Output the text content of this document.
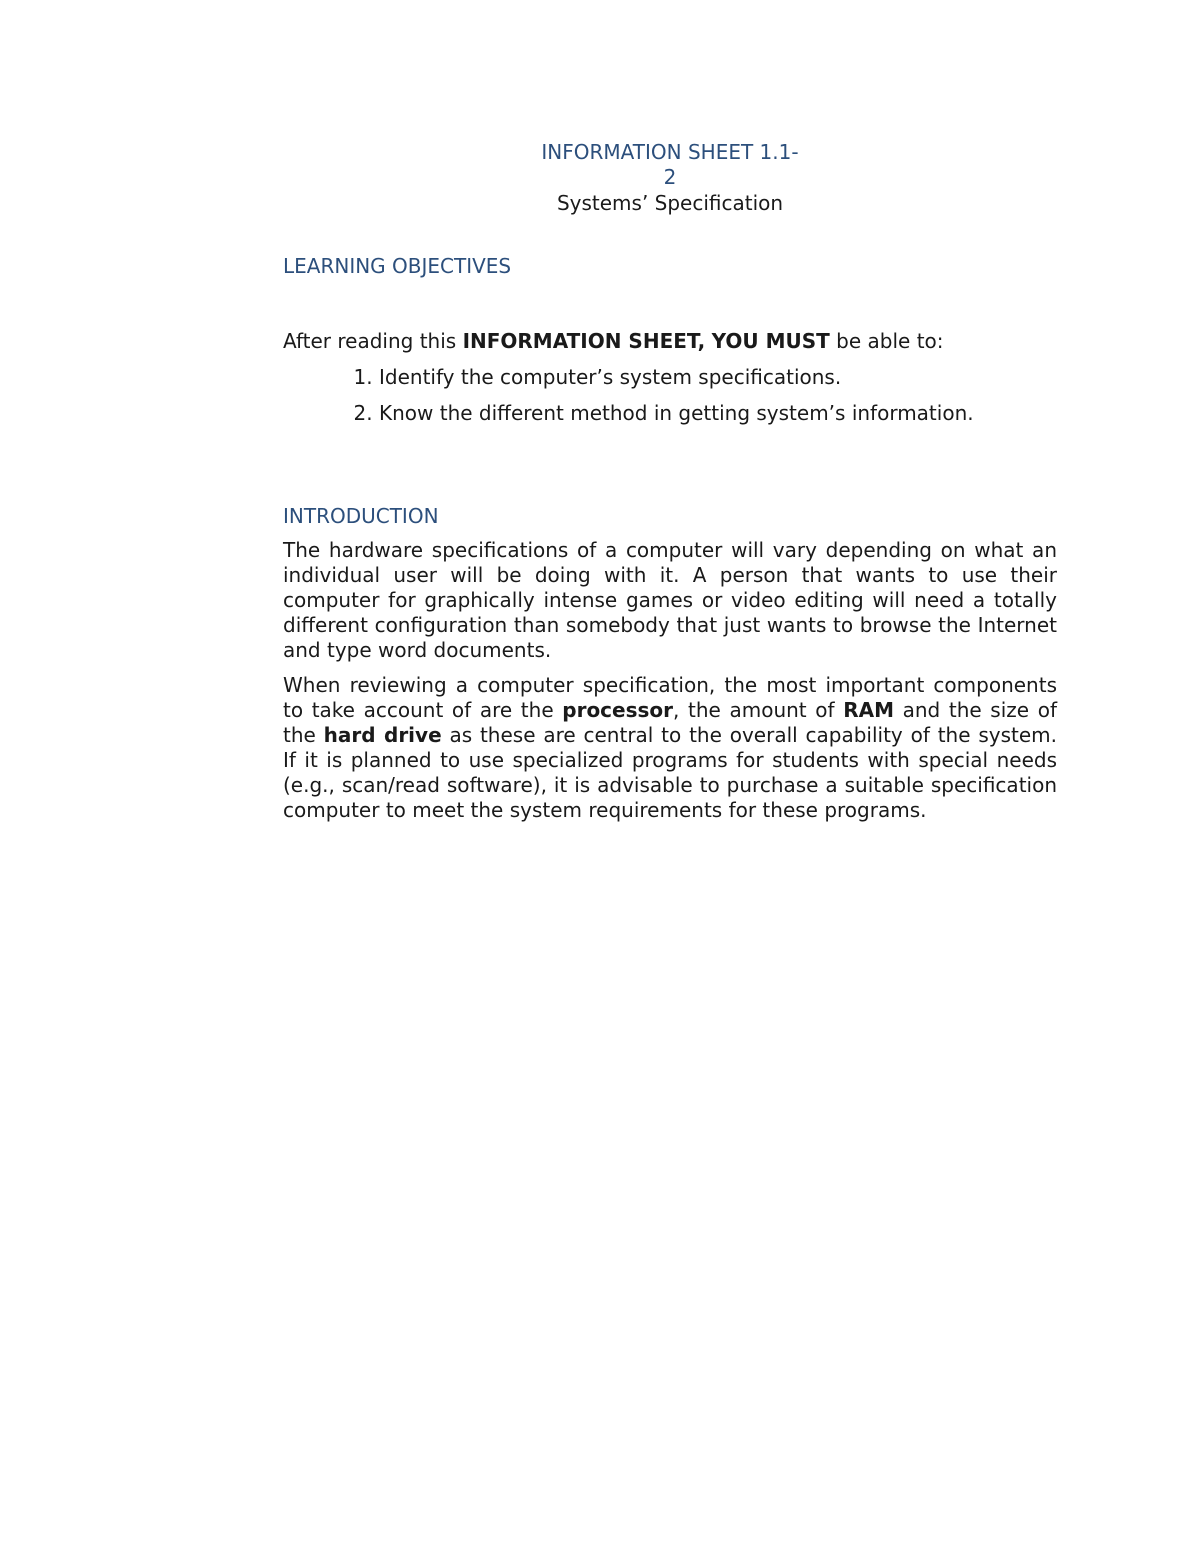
INFORMATION SHEET 1.1-

2

Systems’ Specification

LEARNING OBJECTIVES

After reading this INFORMATION SHEET, YOU MUST be able to:

1. Identify the computer’s system specifications.
2. Know the different method in getting system’s information.
INTRODUCTION

The hardware specifications of a computer will vary depending on what an individual user will be doing with it. A person that wants to use their computer for graphically intense games or video editing will need a totally different configuration than somebody that just wants to browse the Internet and type word documents.

When reviewing a computer specification, the most important components to take account of are the processor, the amount of RAM and the size of the hard drive as these are central to the overall capability of the system. If it is planned to use specialized programs for students with special needs (e.g., scan/read software), it is advisable to purchase a suitable specification computer to meet the system requirements for these programs.
